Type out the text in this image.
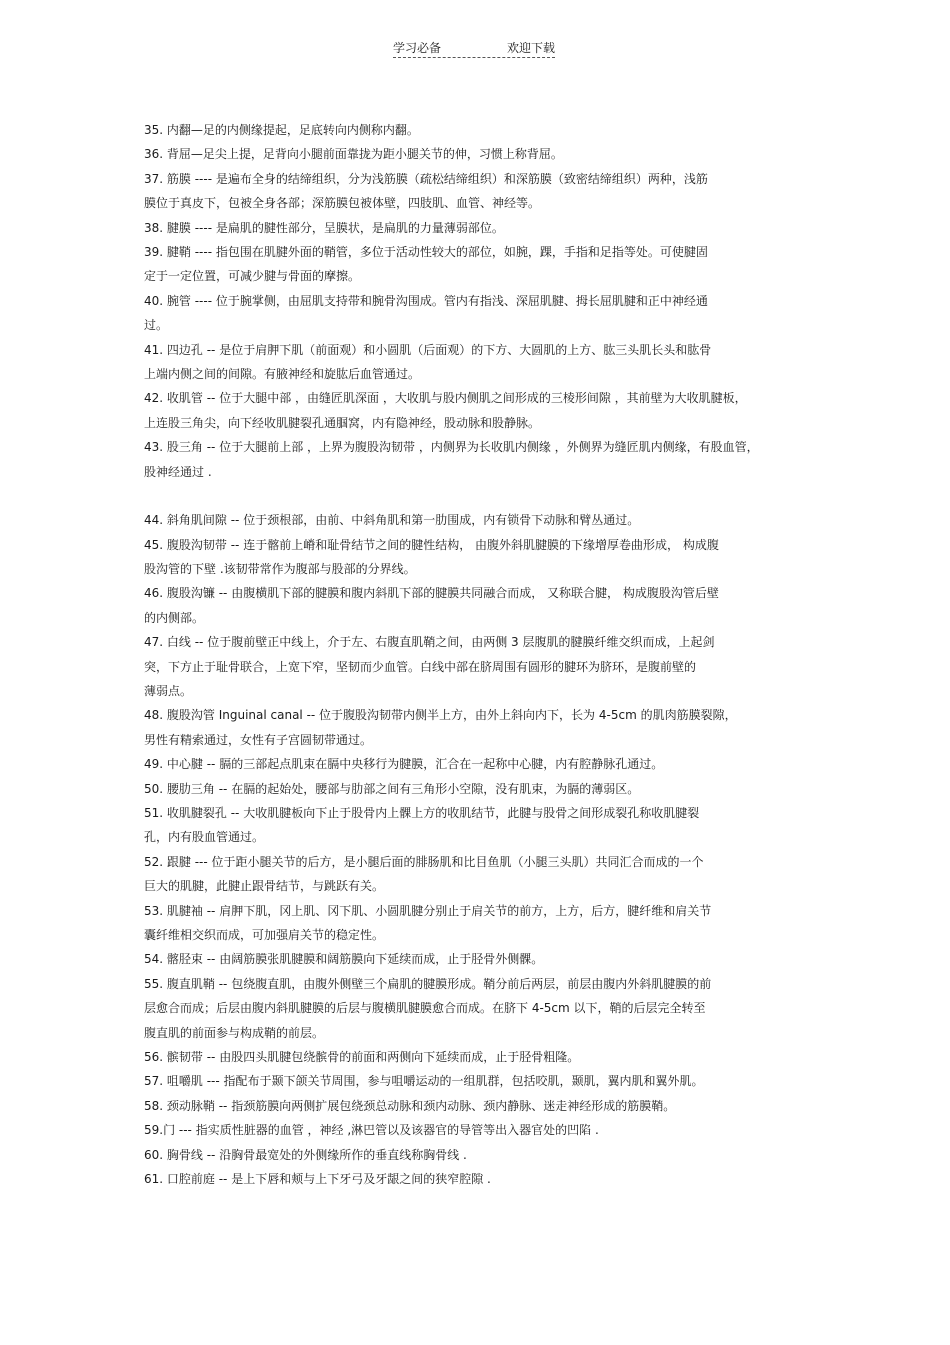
学习必备	欢迎下载
35. 内翻—足的内侧缘提起，足底转向内侧称内翻。
36. 背屈—足尖上提，足背向小腿前面靠拢为距小腿关节的伸，习惯上称背屈。
37. 筋膜 ---- 是遍布全身的结缔组织，分为浅筋膜（疏松结缔组织）和深筋膜（致密结缔组织）两种，浅筋
膜位于真皮下，包被全身各部；深筋膜包被体壁，四肢肌、血管、神经等。
38. 腱膜 ---- 是扁肌的腱性部分，呈膜状，是扁肌的力量薄弱部位。
39. 腱鞘 ---- 指包围在肌腱外面的鞘管，多位于活动性较大的部位，如腕，踝，手指和足指等处。可使腱固
定于一定位置，可减少腱与骨面的摩擦。
40. 腕管 ---- 位于腕掌侧，由屈肌支持带和腕骨沟围成。管内有指浅、深屈肌腱、拇长屈肌腱和正中神经通
过。
41. 四边孔 -- 是位于肩胛下肌（前面观）和小圆肌（后面观）的下方、大圆肌的上方、肱三头肌长头和肱骨
上端内侧之间的间隙。有腋神经和旋肱后血管通过。
42. 收肌管 -- 位于大腿中部 ，由缝匠肌深面 ，大收肌与股内侧肌之间形成的三棱形间隙 ，其前壁为大收肌腱板，
上连股三角尖，向下经收肌腱裂孔通腘窝，内有隐神经，股动脉和股静脉。
43. 股三角 -- 位于大腿前上部 ，上界为腹股沟韧带 ，内侧界为长收肌内侧缘 ，外侧界为缝匠肌内侧缘，有股血管，
股神经通过 .
44. 斜角肌间隙 -- 位于颈根部，由前、中斜角肌和第一肋围成，内有锁骨下动脉和臂丛通过。
45. 腹股沟韧带 -- 连于髂前上嵴和耻骨结节之间的腱性结构， 由腹外斜肌腱膜的下缘增厚卷曲形成， 构成腹
股沟管的下壁 .该韧带常作为腹部与股部的分界线。
46. 腹股沟镰 -- 由腹横肌下部的腱膜和腹内斜肌下部的腱膜共同融合而成， 又称联合腱， 构成腹股沟管后壁
的内侧部。
47. 白线 -- 位于腹前壁正中线上，介于左、右腹直肌鞘之间，由两侧 3 层腹肌的腱膜纤维交织而成，上起剑
突，下方止于耻骨联合，上宽下窄，坚韧而少血管。白线中部在脐周围有圆形的腱环为脐环，是腹前壁的
薄弱点。
48. 腹股沟管 Inguinal canal -- 位于腹股沟韧带内侧半上方，由外上斜向内下，长为 4-5cm 的肌肉筋膜裂隙，
男性有精索通过，女性有子宫圆韧带通过。
49. 中心腱 -- 膈的三部起点肌束在膈中央移行为腱膜，汇合在一起称中心腱，内有腔静脉孔通过。
50. 腰肋三角 -- 在膈的起始处，腰部与肋部之间有三角形小空隙，没有肌束，为膈的薄弱区。
51. 收肌腱裂孔 -- 大收肌腱板向下止于股骨内上髁上方的收肌结节，此腱与股骨之间形成裂孔称收肌腱裂
孔，内有股血管通过。
52. 跟腱 --- 位于距小腿关节的后方，是小腿后面的腓肠肌和比目鱼肌（小腿三头肌）共同汇合而成的一个
巨大的肌腱，此腱止跟骨结节，与跳跃有关。
53. 肌腱袖 -- 肩胛下肌，冈上肌、冈下肌、小圆肌腱分别止于肩关节的前方，上方，后方，腱纤维和肩关节
囊纤维相交织而成，可加强肩关节的稳定性。
54. 髂胫束 -- 由阔筋膜张肌腱膜和阔筋膜向下延续而成，止于胫骨外侧髁。
55. 腹直肌鞘 -- 包绕腹直肌，由腹外侧壁三个扁肌的腱膜形成。鞘分前后两层，前层由腹内外斜肌腱膜的前
层愈合而成；后层由腹内斜肌腱膜的后层与腹横肌腱膜愈合而成。在脐下 4-5cm 以下，鞘的后层完全转至
腹直肌的前面参与构成鞘的前层。
56. 髌韧带 -- 由股四头肌腱包绕髌骨的前面和两侧向下延续而成，止于胫骨粗隆。
57. 咀嚼肌 --- 指配布于颞下颌关节周围，参与咀嚼运动的一组肌群，包括咬肌，颞肌，翼内肌和翼外肌。
58. 颈动脉鞘 -- 指颈筋膜向两侧扩展包绕颈总动脉和颈内动脉、颈内静脉、迷走神经形成的筋膜鞘。
59.门 --- 指实质性脏器的血管 ，神经 ,淋巴管以及该器官的导管等出入器官处的凹陷 .
60. 胸骨线 -- 沿胸骨最宽处的外侧缘所作的垂直线称胸骨线 .
61. 口腔前庭 -- 是上下唇和颊与上下牙弓及牙龈之间的狭窄腔隙 .
